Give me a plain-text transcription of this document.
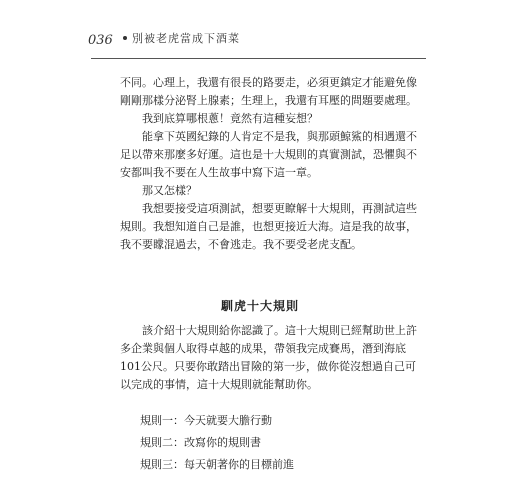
036 別被老虎當成下酒菜

不同。心理上，我還有很長的路要走，必須更鎮定才能避免像剛剛那樣分泌腎上腺素；生理上，我還有耳壓的問題要處理。

我到底算哪根蔥！竟然有這種妄想？

能拿下英國紀錄的人肯定不是我，與那頭鯨鯊的相遇還不足以帶來那麼多好運。這也是十大規則的真實測試，恐懼與不安都叫我不要在人生故事中寫下這一章。

那又怎樣？

我想要接受這項測試，想要更瞭解十大規則，再測試這些規則。我想知道自己是誰，也想更接近大海。這是我的故事，我不要矇混過去，不會逃走。我不要受老虎支配。

馴虎十大規則

該介紹十大規則給你認識了。這十大規則已經幫助世上許多企業與個人取得卓越的成果，帶領我完成賽馬，潛到海底101公尺。只要你敢踏出冒險的第一步，做你從沒想過自己可以完成的事情，這十大規則就能幫助你。

規則一：今天就要大膽行動
規則二：改寫你的規則書
規則三：每天朝著你的目標前進
